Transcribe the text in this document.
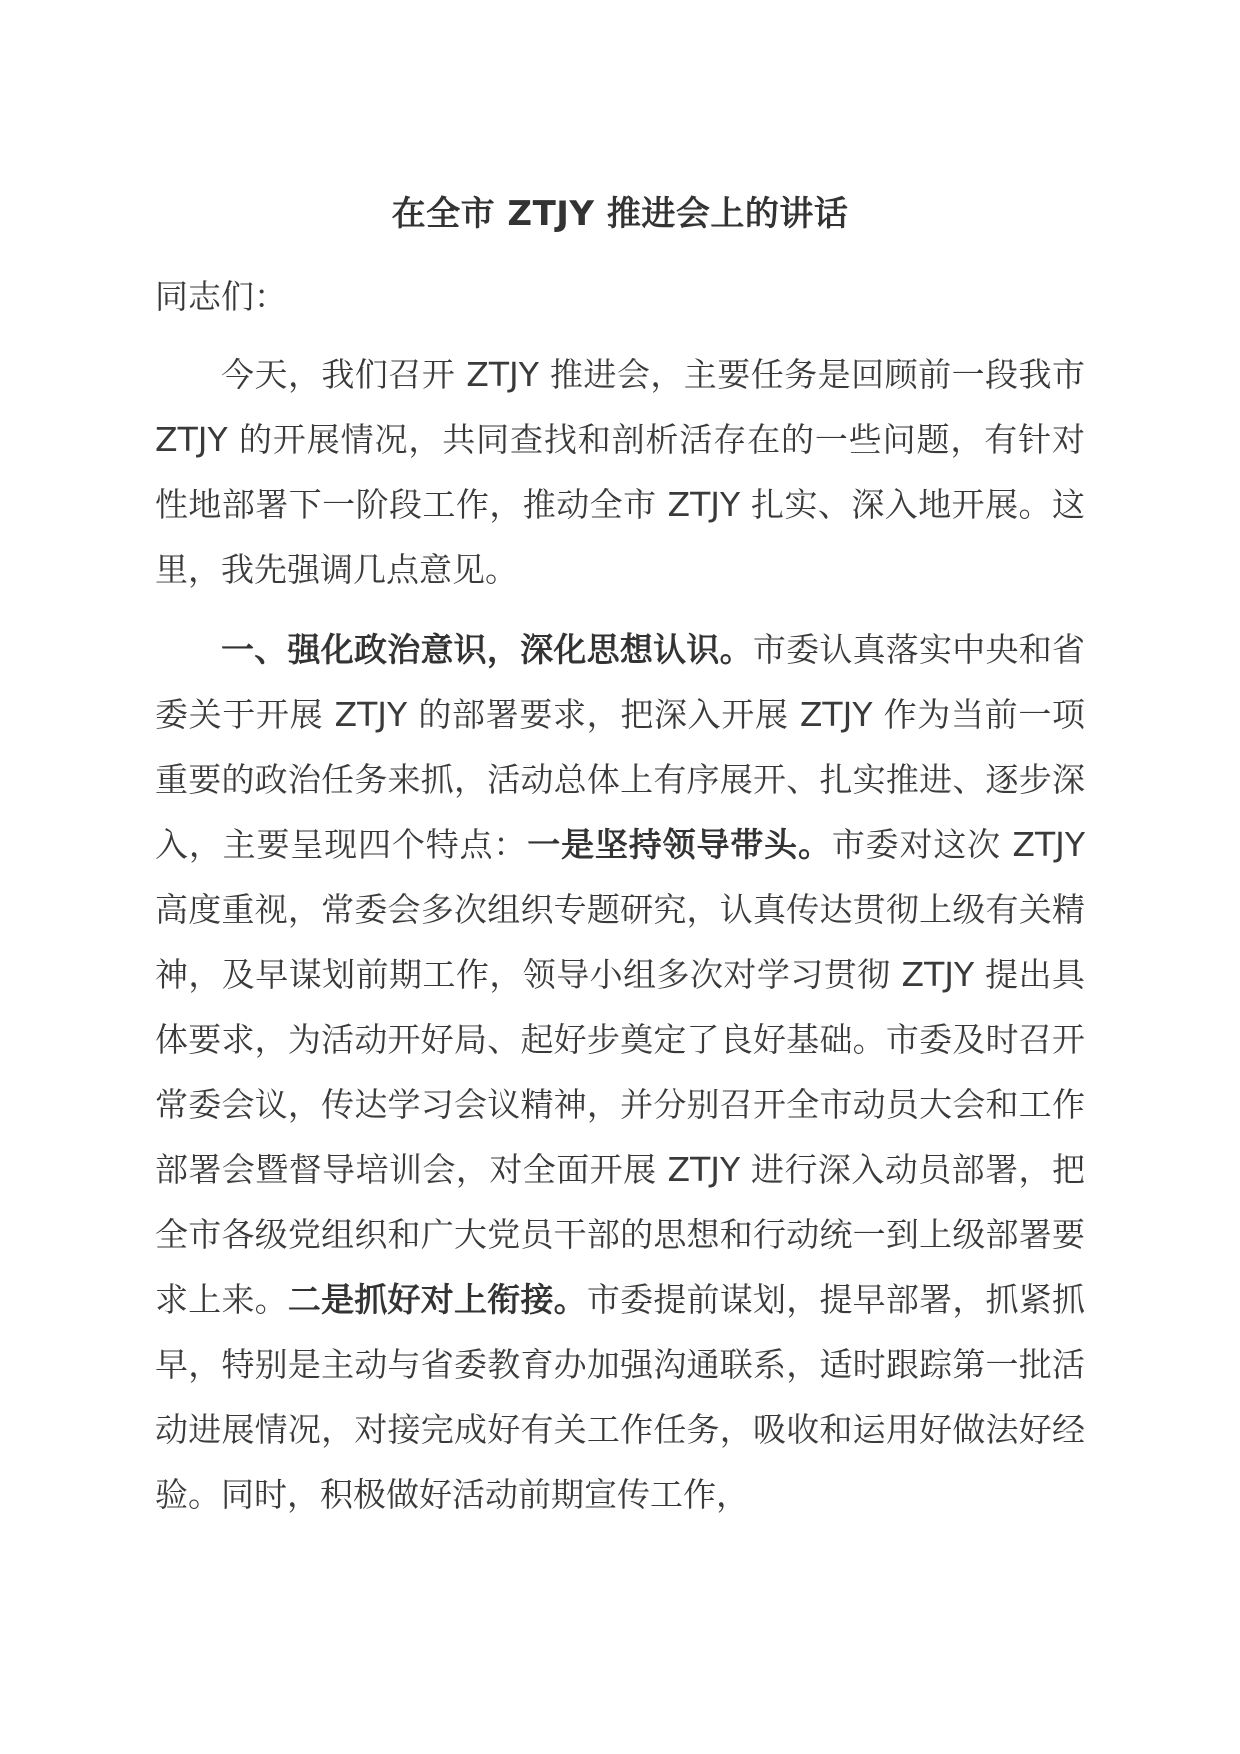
在全市 ZTJY 推进会上的讲话

同志们：

今天，我们召开 ZTJY 推进会，主要任务是回顾前一段我市 ZTJY 的开展情况，共同查找和剖析活存在的一些问题，有针对性地部署下一阶段工作，推动全市 ZTJY 扎实、深入地开展。这里，我先强调几点意见。

一、强化政治意识，深化思想认识。市委认真落实中央和省委关于开展 ZTJY 的部署要求，把深入开展 ZTJY 作为当前一项重要的政治任务来抓，活动总体上有序展开、扎实推进、逐步深入，主要呈现四个特点：一是坚持领导带头。市委对这次 ZTJY 高度重视，常委会多次组织专题研究，认真传达贯彻上级有关精神，及早谋划前期工作，领导小组多次对学习贯彻 ZTJY 提出具体要求，为活动开好局、起好步奠定了良好基础。市委及时召开常委会议，传达学习会议精神，并分别召开全市动员大会和工作部署会暨督导培训会，对全面开展 ZTJY 进行深入动员部署，把全市各级党组织和广大党员干部的思想和行动统一到上级部署要求上来。二是抓好对上衔接。市委提前谋划，提早部署，抓紧抓早，特别是主动与省委教育办加强沟通联系，适时跟踪第一批活动进展情况，对接完成好有关工作任务，吸收和运用好做法好经验。同时，积极做好活动前期宣传工作，
